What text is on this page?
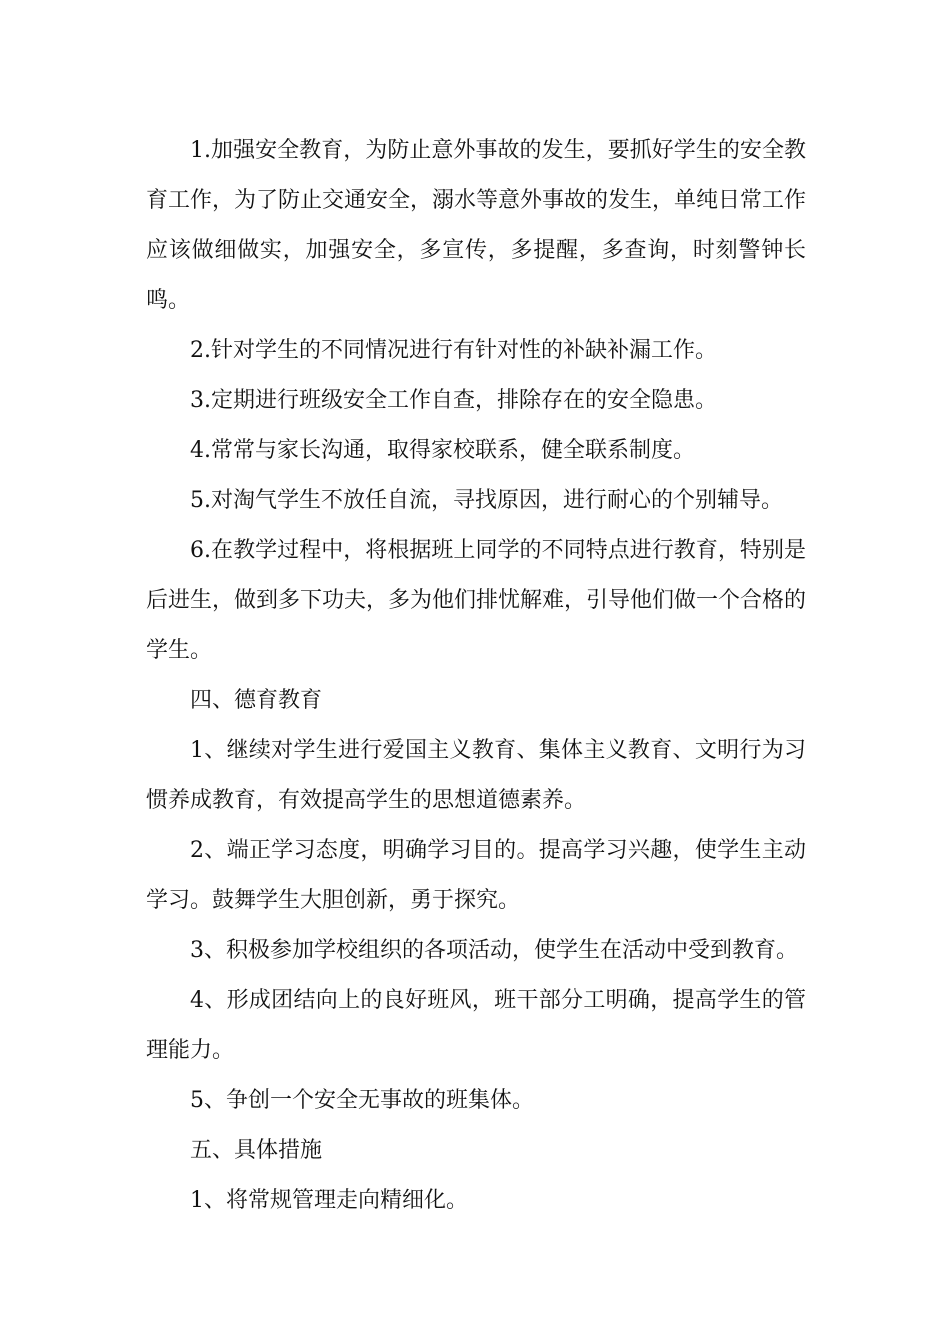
1.加强安全教育，为防止意外事故的发生，要抓好学生的安全教育工作，为了防止交通安全，溺水等意外事故的发生，单纯日常工作应该做细做实，加强安全，多宣传，多提醒，多查询，时刻警钟长鸣。

2.针对学生的不同情况进行有针对性的补缺补漏工作。

3.定期进行班级安全工作自查，排除存在的安全隐患。

4.常常与家长沟通，取得家校联系，健全联系制度。

5.对淘气学生不放任自流，寻找原因，进行耐心的个别辅导。

6.在教学过程中，将根据班上同学的不同特点进行教育，特别是后进生，做到多下功夫，多为他们排忧解难，引导他们做一个合格的学生。

四、德育教育

1、继续对学生进行爱国主义教育、集体主义教育、文明行为习惯养成教育，有效提高学生的思想道德素养。

2、端正学习态度，明确学习目的。提高学习兴趣，使学生主动学习。鼓舞学生大胆创新，勇于探究。

3、积极参加学校组织的各项活动，使学生在活动中受到教育。

4、形成团结向上的良好班风，班干部分工明确，提高学生的管理能力。

5、争创一个安全无事故的班集体。

五、具体措施

1、将常规管理走向精细化。
